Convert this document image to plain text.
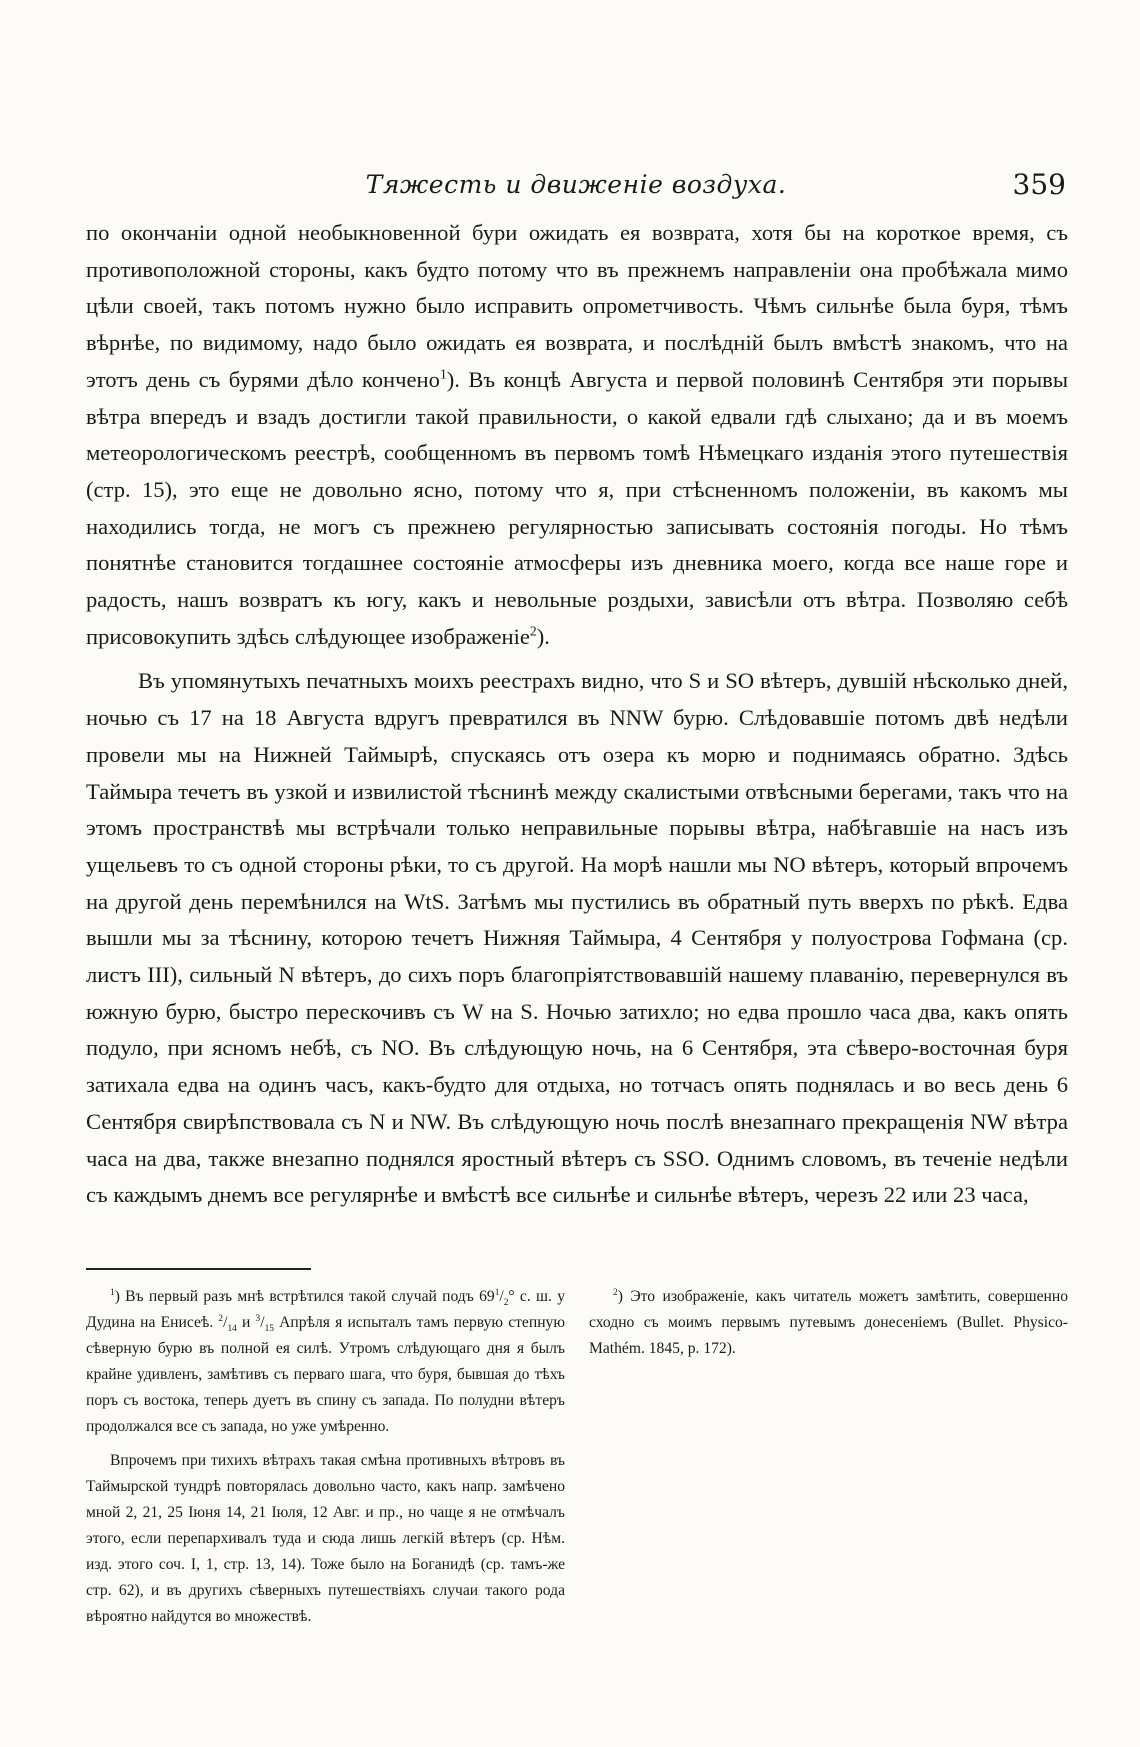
Тяжесть и движеніе воздуха.	359

по окончаніи одной необыкновенной бури ожидать ея возврата, хотя бы на короткое время, съ противоположной стороны, какъ будто потому что въ прежнемъ направленіи она пробѣжала мимо цѣли своей, такъ потомъ нужно было исправить опрометчивость. Чѣмъ сильнѣе была буря, тѣмъ вѣрнѣе, по видимому, надо было ожидать ея возврата, и послѣдній былъ вмѣстѣ знакомъ, что на этотъ день съ бурями дѣло кончено$^1$). Въ концѣ Августа и первой половинѣ Сентября эти порывы вѣтра впередъ и взадъ достигли такой правильности, о какой едвали гдѣ слыхано; да и въ моемъ метеорологическомъ реестрѣ, сообщенномъ въ первомъ томѣ Нѣмецкаго изданія этого путешествія (стр. 15), это еще не довольно ясно, потому что я, при стѣсненномъ положеніи, въ какомъ мы находились тогда, не могъ съ прежнею регулярностью записывать состоянія погоды. Но тѣмъ понятнѣе становится тогдашнее состояніе атмосферы изъ дневника моего, когда все наше горе и радость, нашъ возвратъ къ югу, какъ и невольные роздыхи, зависѣли отъ вѣтра. Позволяю себѣ присовокупить здѣсь слѣдующее изображеніе$^2$).

Въ упомянутыхъ печатныхъ моихъ реестрахъ видно, что S и SO вѣтеръ, дувшій нѣсколько дней, ночью съ 17 на 18 Августа вдругъ превратился въ NNW бурю. Слѣдовавшіе потомъ двѣ недѣли провели мы на Нижней Таймырѣ, спускаясь отъ озера къ морю и поднимаясь обратно. Здѣсь Таймыра течетъ въ узкой и извилистой тѣснинѣ между скалистыми отвѣсными берегами, такъ что на этомъ пространствѣ мы встрѣчали только неправильные порывы вѣтра, набѣгавшіе на насъ изъ ущельевъ то съ одной стороны рѣки, то съ другой. На морѣ нашли мы NO вѣтеръ, который впрочемъ на другой день перемѣнился на WtS. Затѣмъ мы пустились въ обратный путь вверхъ по рѣкѣ. Едва вышли мы за тѣснину, которою течетъ Нижняя Таймыра, 4 Сентября у полуострова Гофмана (ср. листъ III), сильный N вѣтеръ, до сихъ поръ благопріятствовавшій нашему плаванію, перевернулся въ южную бурю, быстро перескочивъ съ W на S. Ночью затихло; но едва прошло часа два, какъ опять подуло, при ясномъ небѣ, съ NO. Въ слѣдующую ночь, на 6 Сентября, эта сѣверо-восточная буря затихала едва на одинъ часъ, какъ-будто для отдыха, но тотчасъ опять поднялась и во весь день 6 Сентября свирѣпствовала съ N и NW. Въ слѣдующую ночь послѣ внезапнаго прекращенія NW вѣтра часа на два, также внезапно поднялся яростный вѣтеръ съ SSO. Однимъ словомъ, въ теченіе недѣли съ каждымъ днемъ все регулярнѣе и вмѣстѣ все сильнѣе и сильнѣе вѣтеръ, черезъ 22 или 23 часа,

$^1$) Въ первый разъ мнѣ встрѣтился такой случай подъ $69^1/_2^\circ$ с. ш. у Дудина на Енисеѣ. $^2/_{14}$ и $^3/_{15}$ Апрѣля я испыталъ тамъ первую степную сѣверную бурю въ полной ея силѣ. Утромъ слѣдующаго дня я былъ крайне удивленъ, замѣтивъ съ перваго шага, что буря, бывшая до тѣхъ поръ съ востока, теперь дуетъ въ спину съ запада. По полудни вѣтеръ продолжался все съ запада, но уже умѣренно.

Впрочемъ при тихихъ вѣтрахъ такая смѣна противныхъ вѣтровъ въ Таймырской тундрѣ повторялась довольно часто, какъ напр. замѣчено мной 2, 21, 25 Іюня 14, 21 Іюля, 12 Авг. и пр., но чаще я не отмѣчалъ этого, если перепархивалъ туда и сюда лишь легкій вѣтеръ (ср. Нѣм. изд. этого соч. I, 1, стр. 13, 14). Тоже было на Боганидѣ (ср. тамъ-же стр. 62), и въ другихъ сѣверныхъ путешествіяхъ случаи такого рода вѣроятно найдутся во множествѣ.

$^2$) Это изображеніе, какъ читатель можетъ замѣтить, совершенно сходно съ моимъ первымъ путевымъ донесеніемъ (Bullet. Physico-Mathém. 1845, p. 172).
